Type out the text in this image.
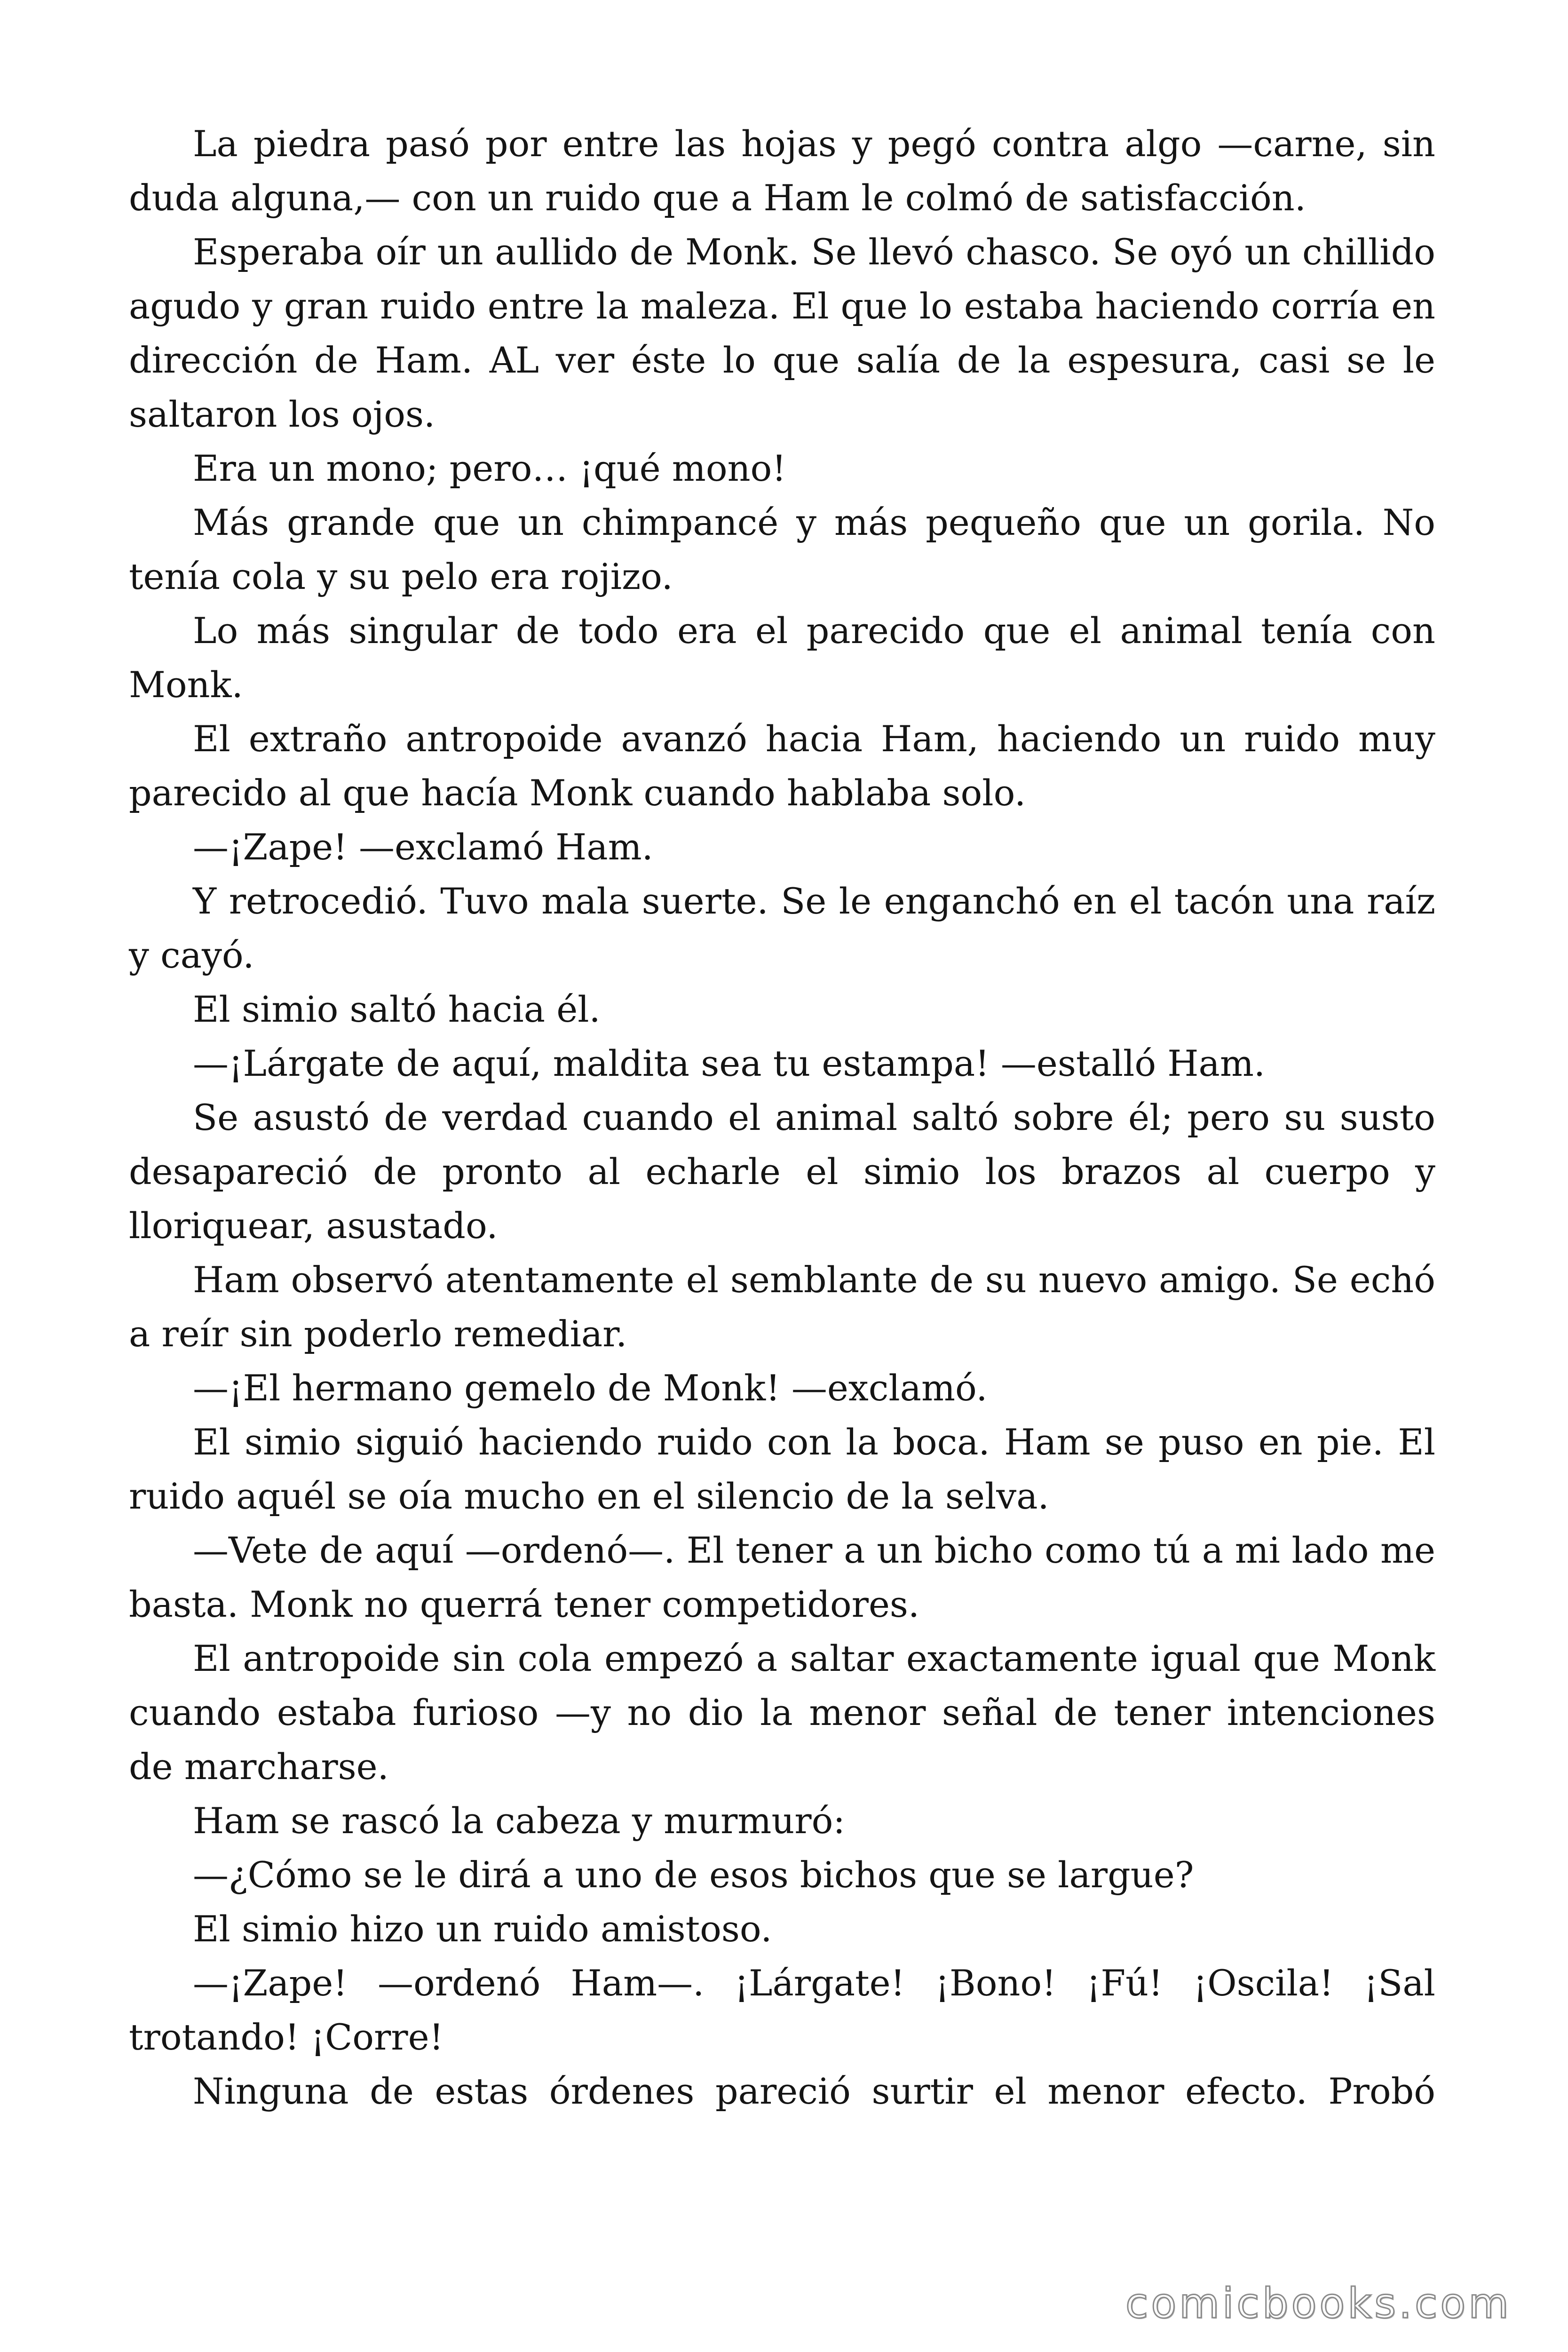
La piedra pasó por entre las hojas y pegó contra algo —carne, sin duda alguna,— con un ruido que a Ham le colmó de satisfacción.

Esperaba oír un aullido de Monk. Se llevó chasco. Se oyó un chillido agudo y gran ruido entre la maleza. El que lo estaba haciendo corría en dirección de Ham. AL ver éste lo que salía de la espesura, casi se le saltaron los ojos.

Era un mono; pero… ¡qué mono!

Más grande que un chimpancé y más pequeño que un gorila. No tenía cola y su pelo era rojizo.

Lo más singular de todo era el parecido que el animal tenía con Monk.

El extraño antropoide avanzó hacia Ham, haciendo un ruido muy parecido al que hacía Monk cuando hablaba solo.

—¡Zape! —exclamó Ham.

Y retrocedió. Tuvo mala suerte. Se le enganchó en el tacón una raíz y cayó.

El simio saltó hacia él.

—¡Lárgate de aquí, maldita sea tu estampa! —estalló Ham.

Se asustó de verdad cuando el animal saltó sobre él; pero su susto desapareció de pronto al echarle el simio los brazos al cuerpo y lloriquear, asustado.

Ham observó atentamente el semblante de su nuevo amigo. Se echó a reír sin poderlo remediar.

—¡El hermano gemelo de Monk! —exclamó.

El simio siguió haciendo ruido con la boca. Ham se puso en pie. El ruido aquél se oía mucho en el silencio de la selva.

—Vete de aquí —ordenó—. El tener a un bicho como tú a mi lado me basta. Monk no querrá tener competidores.

El antropoide sin cola empezó a saltar exactamente igual que Monk cuando estaba furioso —y no dio la menor señal de tener intenciones de marcharse.

Ham se rascó la cabeza y murmuró:

—¿Cómo se le dirá a uno de esos bichos que se largue?

El simio hizo un ruido amistoso.

—¡Zape! —ordenó Ham—. ¡Lárgate! ¡Bono! ¡Fú! ¡Oscila! ¡Sal trotando! ¡Corre!

Ninguna de estas órdenes pareció surtir el menor efecto. Probó

comicbooks.com
